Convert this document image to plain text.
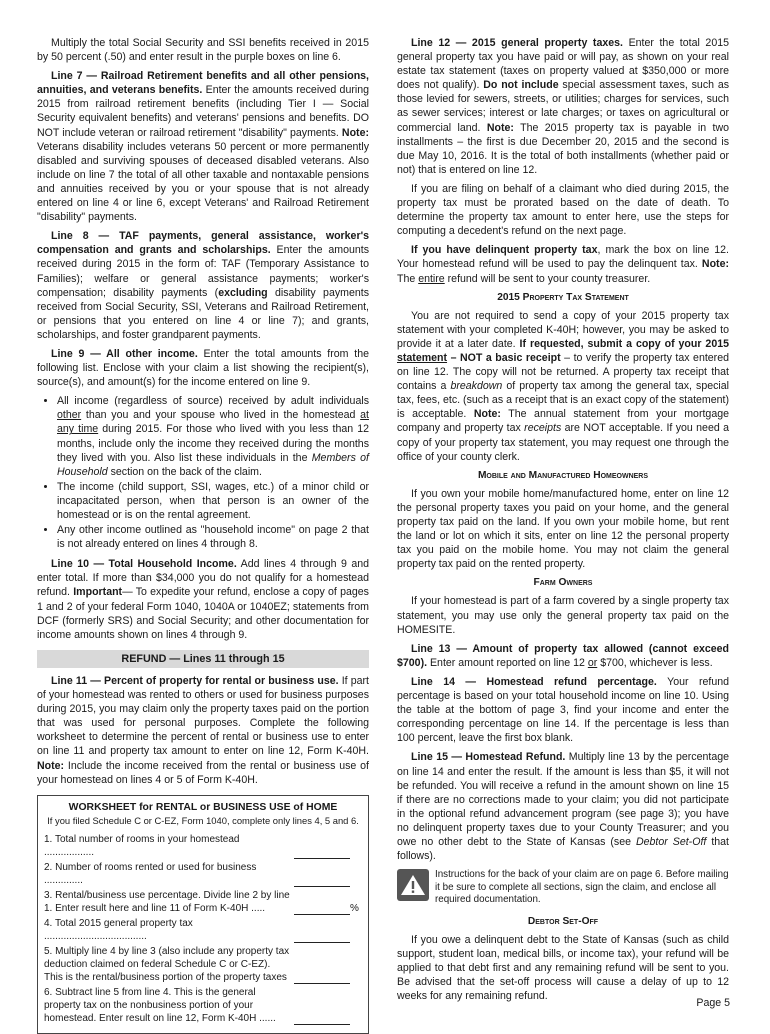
Multiply the total Social Security and SSI benefits received in 2015 by 50 percent (.50) and enter result in the purple boxes on line 6.

Line 7 — Railroad Retirement benefits and all other pensions, annuities, and veterans benefits. Enter the amounts received during 2015 from railroad retirement benefits (including Tier I — Social Security equivalent benefits) and veterans' pensions and benefits. DO NOT include veteran or railroad retirement "disability" payments. Note: Veterans disability includes veterans 50 percent or more permanently disabled and surviving spouses of deceased disabled veterans. Also include on line 7 the total of all other taxable and nontaxable pensions and annuities received by you or your spouse that is not already entered on line 4 or line 6, except Veterans' and Railroad Retirement "disability" payments.

Line 8 — TAF payments, general assistance, worker's compensation and grants and scholarships. Enter the amounts received during 2015 in the form of: TAF (Temporary Assistance to Families); welfare or general assistance payments; worker's compensation; disability payments (excluding disability payments received from Social Security, SSI, Veterans and Railroad Retirement, or pensions that you entered on line 4 or line 7); and grants, scholarships, and foster grandparent payments.

Line 9 — All other income. Enter the total amounts from the following list. Enclose with your claim a list showing the recipient(s), source(s), and amount(s) for the income entered on line 9.

• All income (regardless of source) received by adult individuals other than you and your spouse who lived in the homestead at any time during 2015. For those who lived with you less than 12 months, include only the income they received during the months they lived with you. Also list these individuals in the Members of Household section on the back of the claim.
• The income (child support, SSI, wages, etc.) of a minor child or incapacitated person, when that person is an owner of the homestead or is on the rental agreement.
• Any other income outlined as "household income" on page 2 that is not already entered on lines 4 through 8.

Line 10 — Total Household Income. Add lines 4 through 9 and enter total. If more than $34,000 you do not qualify for a homestead refund. Important— To expedite your refund, enclose a copy of pages 1 and 2 of your federal Form 1040, 1040A or 1040EZ; statements from DCF (formerly SRS) and Social Security; and other documentation for income amounts shown on lines 4 through 9.

REFUND — Lines 11 through 15

Line 11 — Percent of property for rental or business use. If part of your homestead was rented to others or used for business purposes during 2015, you may claim only the property taxes paid on the portion that was used for personal purposes. Complete the following worksheet to determine the percent of rental or business use to enter on line 11 and property tax amount to enter on line 12, Form K-40H. Note: Include the income received from the rental or business use of your homestead on lines 4 or 5 of Form K-40H.

WORKSHEET for RENTAL or BUSINESS USE of HOME
If you filed Schedule C or C-EZ, Form 1040, complete only lines 4, 5 and 6.
1. Total number of rooms in your homestead ..................
2. Number of rooms rented or used for business ..............
3. Rental/business use percentage. Divide line 2 by line 1. Enter result here and line 11 of Form K-40H .....	%
4. Total 2015 general property tax .....................................
5. Multiply line 4 by line 3 (also include any property tax deduction claimed on federal Schedule C or C-EZ). This is the rental/business portion of the property taxes
6. Subtract line 5 from line 4. This is the general property tax on the nonbusiness portion of your homestead. Enter result on line 12, Form K-40H ......

Line 12 — 2015 general property taxes. Enter the total 2015 general property tax you have paid or will pay, as shown on your real estate tax statement (taxes on property valued at $350,000 or more does not qualify). Do not include special assessment taxes, such as those levied for sewers, streets, or utilities; charges for services, such as sewer services; interest or late charges; or taxes on agricultural or commercial land. Note: The 2015 property tax is payable in two installments – the first is due December 20, 2015 and the second is due May 10, 2016. It is the total of both installments (whether paid or not) that is entered on line 12.

If you are filing on behalf of a claimant who died during 2015, the property tax must be prorated based on the date of death. To determine the property tax amount to enter here, use the steps for computing a decedent's refund on the next page.

If you have delinquent property tax, mark the box on line 12. Your homestead refund will be used to pay the delinquent tax. Note: The entire refund will be sent to your county treasurer.

2015 Property Tax Statement

You are not required to send a copy of your 2015 property tax statement with your completed K-40H; however, you may be asked to provide it at a later date. If requested, submit a copy of your 2015 statement – NOT a basic receipt – to verify the property tax entered on line 12. The copy will not be returned. A property tax receipt that contains a breakdown of property tax among the general tax, special tax, fees, etc. (such as a receipt that is an exact copy of the statement) is acceptable. Note: The annual statement from your mortgage company and property tax receipts are NOT acceptable. If you need a copy of your property tax statement, you may request one through the office of your county clerk.

Mobile and Manufactured Homeowners

If you own your mobile home/manufactured home, enter on line 12 the personal property taxes you paid on your home, and the general property tax paid on the land. If you own your mobile home, but rent the land or lot on which it sits, enter on line 12 the personal property tax you paid on the mobile home. You may not claim the general property tax paid on the rented property.

Farm Owners

If your homestead is part of a farm covered by a single property tax statement, you may use only the general property tax paid on the HOMESITE.

Line 13 — Amount of property tax allowed (cannot exceed $700). Enter amount reported on line 12 or $700, whichever is less.

Line 14 — Homestead refund percentage. Your refund percentage is based on your total household income on line 10. Using the table at the bottom of page 3, find your income and enter the corresponding percentage on line 14. If the percentage is less than 100 percent, leave the first box blank.

Line 15 — Homestead Refund. Multiply line 13 by the percentage on line 14 and enter the result. If the amount is less than $5, it will not be refunded. You will receive a refund in the amount shown on line 15 if there are no corrections made to your claim; you did not participate in the optional refund advancement program (see page 3); you have no delinquent property taxes due to your County Treasurer; and you owe no other debt to the State of Kansas (see Debtor Set-Off that follows).

Instructions for the back of your claim are on page 6. Before mailing it be sure to complete all sections, sign the claim, and enclose all required documentation.
Debtor Set-Off

If you owe a delinquent debt to the State of Kansas (such as child support, student loan, medical bills, or income tax), your refund will be applied to that debt first and any remaining refund will be sent to you. Be advised that the set-off process will cause a delay of up to 12 weeks for any remaining refund.

Page 5
